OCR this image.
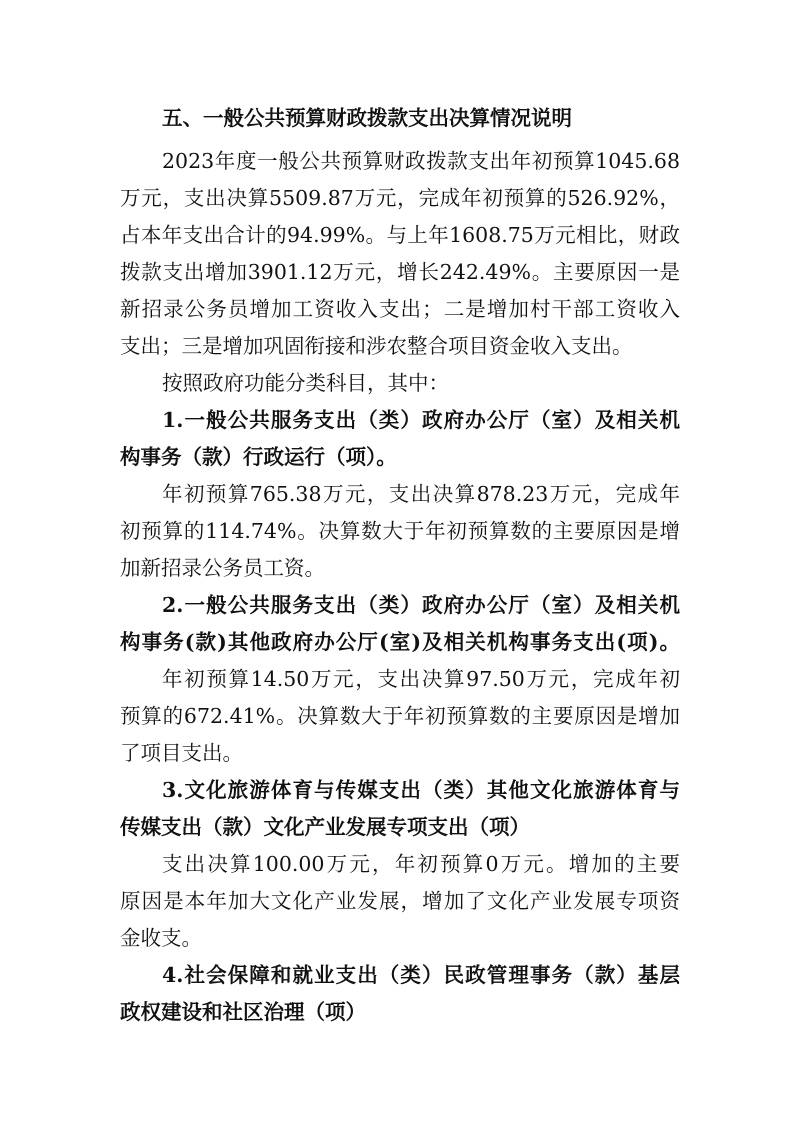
五、一般公共预算财政拨款支出决算情况说明
2023年度一般公共预算财政拨款支出年初预算1045.68
万元，支出决算5509.87万元，完成年初预算的526.92%，
占本年支出合计的94.99%。与上年1608.75万元相比，财政
拨款支出增加3901.12万元，增长242.49%。主要原因一是
新招录公务员增加工资收入支出；二是增加村干部工资收入
支出；三是增加巩固衔接和涉农整合项目资金收入支出。
按照政府功能分类科目，其中：
1.一般公共服务支出（类）政府办公厅（室）及相关机
构事务（款）行政运行（项）。
年初预算765.38万元，支出决算878.23万元，完成年
初预算的114.74%。决算数大于年初预算数的主要原因是增
加新招录公务员工资。
2.一般公共服务支出（类）政府办公厅（室）及相关机
构事务(款)其他政府办公厅(室)及相关机构事务支出(项)。
年初预算14.50万元，支出决算97.50万元，完成年初
预算的672.41%。决算数大于年初预算数的主要原因是增加
了项目支出。
3.文化旅游体育与传媒支出（类）其他文化旅游体育与
传媒支出（款）文化产业发展专项支出（项）
支出决算100.00万元，年初预算0万元。增加的主要
原因是本年加大文化产业发展，增加了文化产业发展专项资
金收支。
4.社会保障和就业支出（类）民政管理事务（款）基层
政权建设和社区治理（项）
